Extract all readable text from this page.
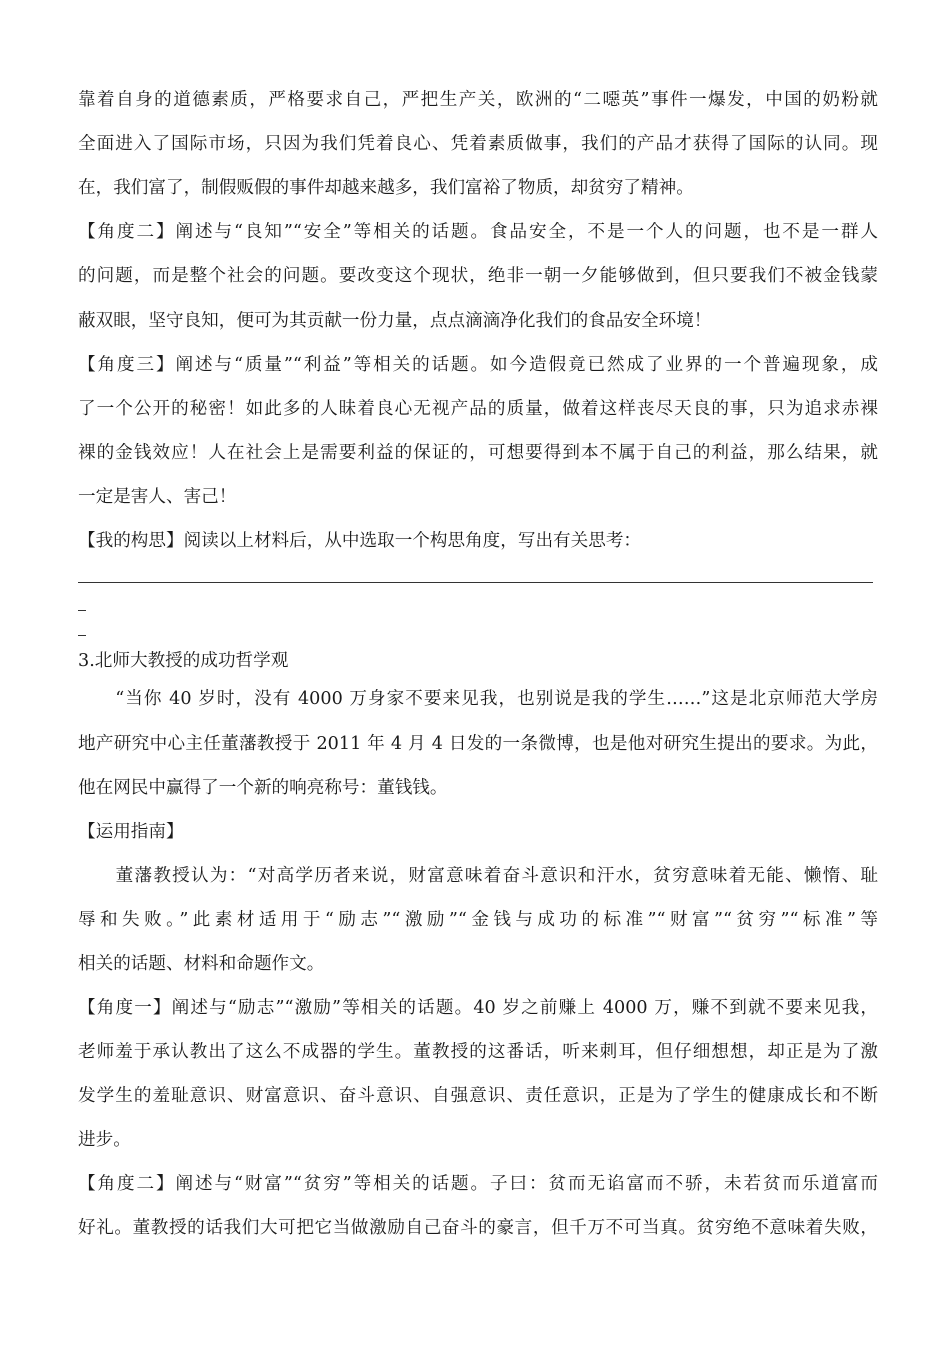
靠着自身的道德素质，严格要求自己，严把生产关，欧洲的“二噁英”事件一爆发，中国的奶粉就
全面进入了国际市场，只因为我们凭着良心、凭着素质做事，我们的产品才获得了国际的认同。现
在，我们富了，制假贩假的事件却越来越多，我们富裕了物质，却贫穷了精神。
【角度二】阐述与“良知”“安全”等相关的话题。食品安全，不是一个人的问题，也不是一群人
的问题，而是整个社会的问题。要改变这个现状，绝非一朝一夕能够做到，但只要我们不被金钱蒙
蔽双眼，坚守良知，便可为其贡献一份力量，点点滴滴净化我们的食品安全环境！
【角度三】阐述与“质量”“利益”等相关的话题。如今造假竟已然成了业界的一个普遍现象，成
了一个公开的秘密！如此多的人昧着良心无视产品的质量，做着这样丧尽天良的事，只为追求赤裸
裸的金钱效应！人在社会上是需要利益的保证的，可想要得到本不属于自己的利益，那么结果，就
一定是害人、害己！
【我的构思】阅读以上材料后，从中选取一个构思角度，写出有关思考：
3.北师大教授的成功哲学观
　　“当你 40 岁时，没有 4000 万身家不要来见我，也别说是我的学生……”这是北京师范大学房
地产研究中心主任董藩教授于 2011 年 4 月 4 日发的一条微博，也是他对研究生提出的要求。为此，
他在网民中赢得了一个新的响亮称号：董钱钱。
【运用指南】
　　董藩教授认为：“对高学历者来说，财富意味着奋斗意识和汗水，贫穷意味着无能、懒惰、耻
辱和失败。”此素材适用于“励志”“激励”“金钱与成功的标准”“财富”“贫穷”“标准”等
相关的话题、材料和命题作文。
【角度一】阐述与“励志”“激励”等相关的话题。40 岁之前赚上 4000 万，赚不到就不要来见我，
老师羞于承认教出了这么不成器的学生。董教授的这番话，听来刺耳，但仔细想想，却正是为了激
发学生的羞耻意识、财富意识、奋斗意识、自强意识、责任意识，正是为了学生的健康成长和不断
进步。
【角度二】阐述与“财富”“贫穷”等相关的话题。子曰：贫而无谄富而不骄，未若贫而乐道富而
好礼。董教授的话我们大可把它当做激励自己奋斗的豪言，但千万不可当真。贫穷绝不意味着失败，
